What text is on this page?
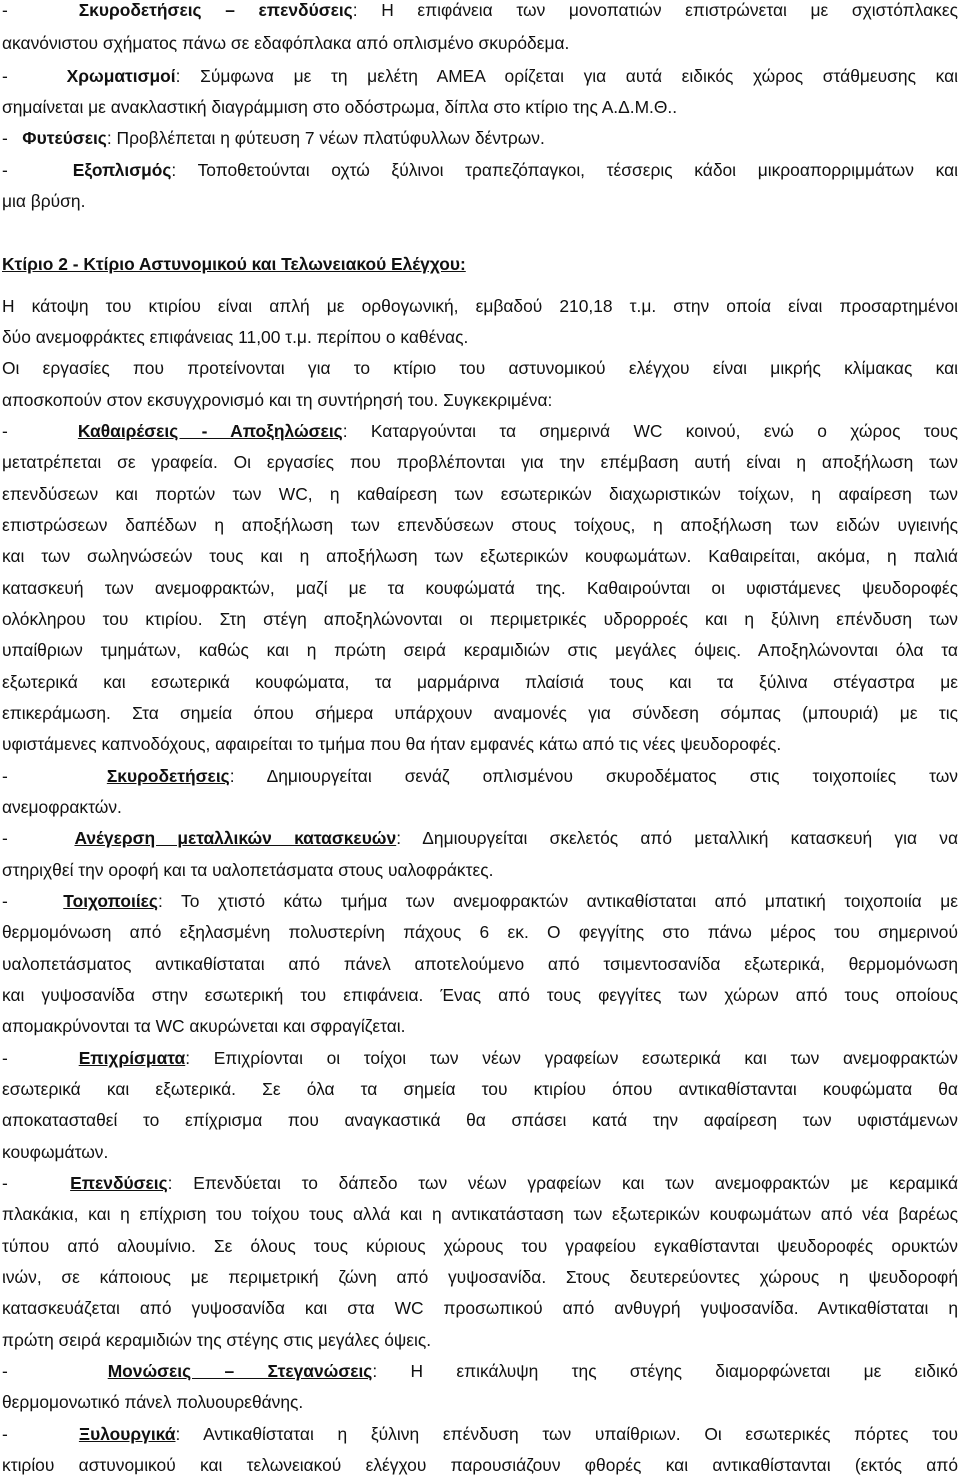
-   Σκυροδετήσεις – επενδύσεις: Η επιφάνεια των μονοπατιών επιστρώνεται με σχιστόπλακες
ακανόνιστου σχήματος πάνω σε εδαφόπλακα από οπλισμένο σκυρόδεμα.
-   Χρωματισμοί: Σύμφωνα με τη μελέτη ΑΜΕΑ ορίζεται για αυτά ειδικός χώρος στάθμευσης και
σημαίνεται με ανακλαστική διαγράμμιση στο οδόστρωμα, δίπλα στο κτίριο της Α.Δ.Μ.Θ..
-   Φυτεύσεις: Προβλέπεται η φύτευση 7 νέων πλατύφυλλων δέντρων.
-   Εξοπλισμός: Τοποθετούνται οχτώ ξύλινοι τραπεζόπαγκοι, τέσσερις κάδοι μικροαπορριμμάτων και
μια βρύση.
Κτίριο 2 - Κτίριο Αστυνομικού και Τελωνειακού Ελέγχου:
Η κάτοψη του κτιρίου είναι απλή με ορθογωνική, εμβαδού 210,18 τ.μ. στην οποία είναι προσαρτημένοι
δύο ανεμοφράκτες επιφάνειας 11,00 τ.μ. περίπου ο καθένας.
Οι εργασίες που προτείνονται για το κτίριο του αστυνομικού ελέγχου είναι μικρής κλίμακας και
αποσκοπούν στον εκσυγχρονισμό και τη συντήρησή του. Συγκεκριμένα:
-   Καθαιρέσεις - Αποξηλώσεις: Καταργούνται τα σημερινά WC κοινού, ενώ ο χώρος τους
μετατρέπεται σε γραφεία. Οι εργασίες που προβλέπονται για την επέμβαση αυτή είναι η αποξήλωση των
επενδύσεων και πορτών των WC, η καθαίρεση των εσωτερικών διαχωριστικών τοίχων, η αφαίρεση των
επιστρώσεων δαπέδων η αποξήλωση των επενδύσεων στους τοίχους, η αποξήλωση των ειδών υγιεινής
και των σωληνώσεών τους και η αποξήλωση των εξωτερικών κουφωμάτων. Καθαιρείται, ακόμα, η παλιά
κατασκευή των ανεμοφρακτών, μαζί με τα κουφώματά της. Καθαιρούνται οι υφιστάμενες ψευδοροφές
ολόκληρου του κτιρίου. Στη στέγη αποξηλώνονται οι περιμετρικές υδρορροές και η ξύλινη επένδυση των
υπαίθριων τμημάτων, καθώς και η πρώτη σειρά κεραμιδιών στις μεγάλες όψεις. Αποξηλώνονται όλα τα
εξωτερικά και εσωτερικά κουφώματα, τα μαρμάρινα πλαίσιά τους και τα ξύλινα στέγαστρα με
επικεράμωση. Στα σημεία όπου σήμερα υπάρχουν αναμονές για σύνδεση σόμπας (μπουριά) με τις
υφιστάμενες καπνοδόχους, αφαιρείται το τμήμα που θα ήταν εμφανές κάτω από τις νέες ψευδοροφές.
-   Σκυροδετήσεις: Δημιουργείται σενάζ οπλισμένου σκυροδέματος στις τοιχοποιίες των
ανεμοφρακτών.
-   Ανέγερση μεταλλικών κατασκευών: Δημιουργείται σκελετός από μεταλλική κατασκευή για να
στηριχθεί την οροφή και τα υαλοπετάσματα στους υαλοφράκτες.
-   Τοιχοποιίες: Το χτιστό κάτω τμήμα των ανεμοφρακτών αντικαθίσταται από μπατική τοιχοποιία με
θερμομόνωση από εξηλασμένη πολυστερίνη πάχους 6 εκ. Ο φεγγίτης στο πάνω μέρος του σημερινού
υαλοπετάσματος αντικαθίσταται από πάνελ αποτελούμενο από τσιμεντοσανίδα εξωτερικά, θερμομόνωση
και γυψοσανίδα στην εσωτερική του επιφάνεια. Ένας από τους φεγγίτες των χώρων από τους οποίους
απομακρύνονται τα WC ακυρώνεται και σφραγίζεται.
-   Επιχρίσματα: Επιχρίονται οι τοίχοι των νέων γραφείων εσωτερικά και των ανεμοφρακτών
εσωτερικά και εξωτερικά. Σε όλα τα σημεία του κτιρίου όπου αντικαθίστανται κουφώματα θα
αποκατασταθεί το επίχρισμα που αναγκαστικά θα σπάσει κατά την αφαίρεση των υφιστάμενων
κουφωμάτων.
-   Επενδύσεις: Επενδύεται το δάπεδο των νέων γραφείων και των ανεμοφρακτών με κεραμικά
πλακάκια, και η επίχριση του τοίχου τους αλλά και η αντικατάσταση των εξωτερικών κουφωμάτων από νέα βαρέως
τύπου από αλουμίνιο. Σε όλους τους κύριους χώρους του γραφείου εγκαθίστανται ψευδοροφές ορυκτών
ινών, σε κάποιους με περιμετρική ζώνη από γυψοσανίδα. Στους δευτερεύοντες χώρους η ψευδοροφή
κατασκευάζεται από γυψοσανίδα και στα WC προσωπικού από ανθυγρή γυψοσανίδα. Αντικαθίσταται η
πρώτη σειρά κεραμιδιών της στέγης στις μεγάλες όψεις.
-   Μονώσεις – Στεγανώσεις: Η επικάλυψη της στέγης διαμορφώνεται με ειδικό
θερμομονωτικό πάνελ πολυουρεθάνης.
-   Ξυλουργικά: Αντικαθίσταται η ξύλινη επένδυση των υπαίθριων. Οι εσωτερικές πόρτες του
κτιρίου αστυνομικού και τελωνειακού ελέγχου παρουσιάζουν φθορές και αντικαθίστανται (εκτός από
